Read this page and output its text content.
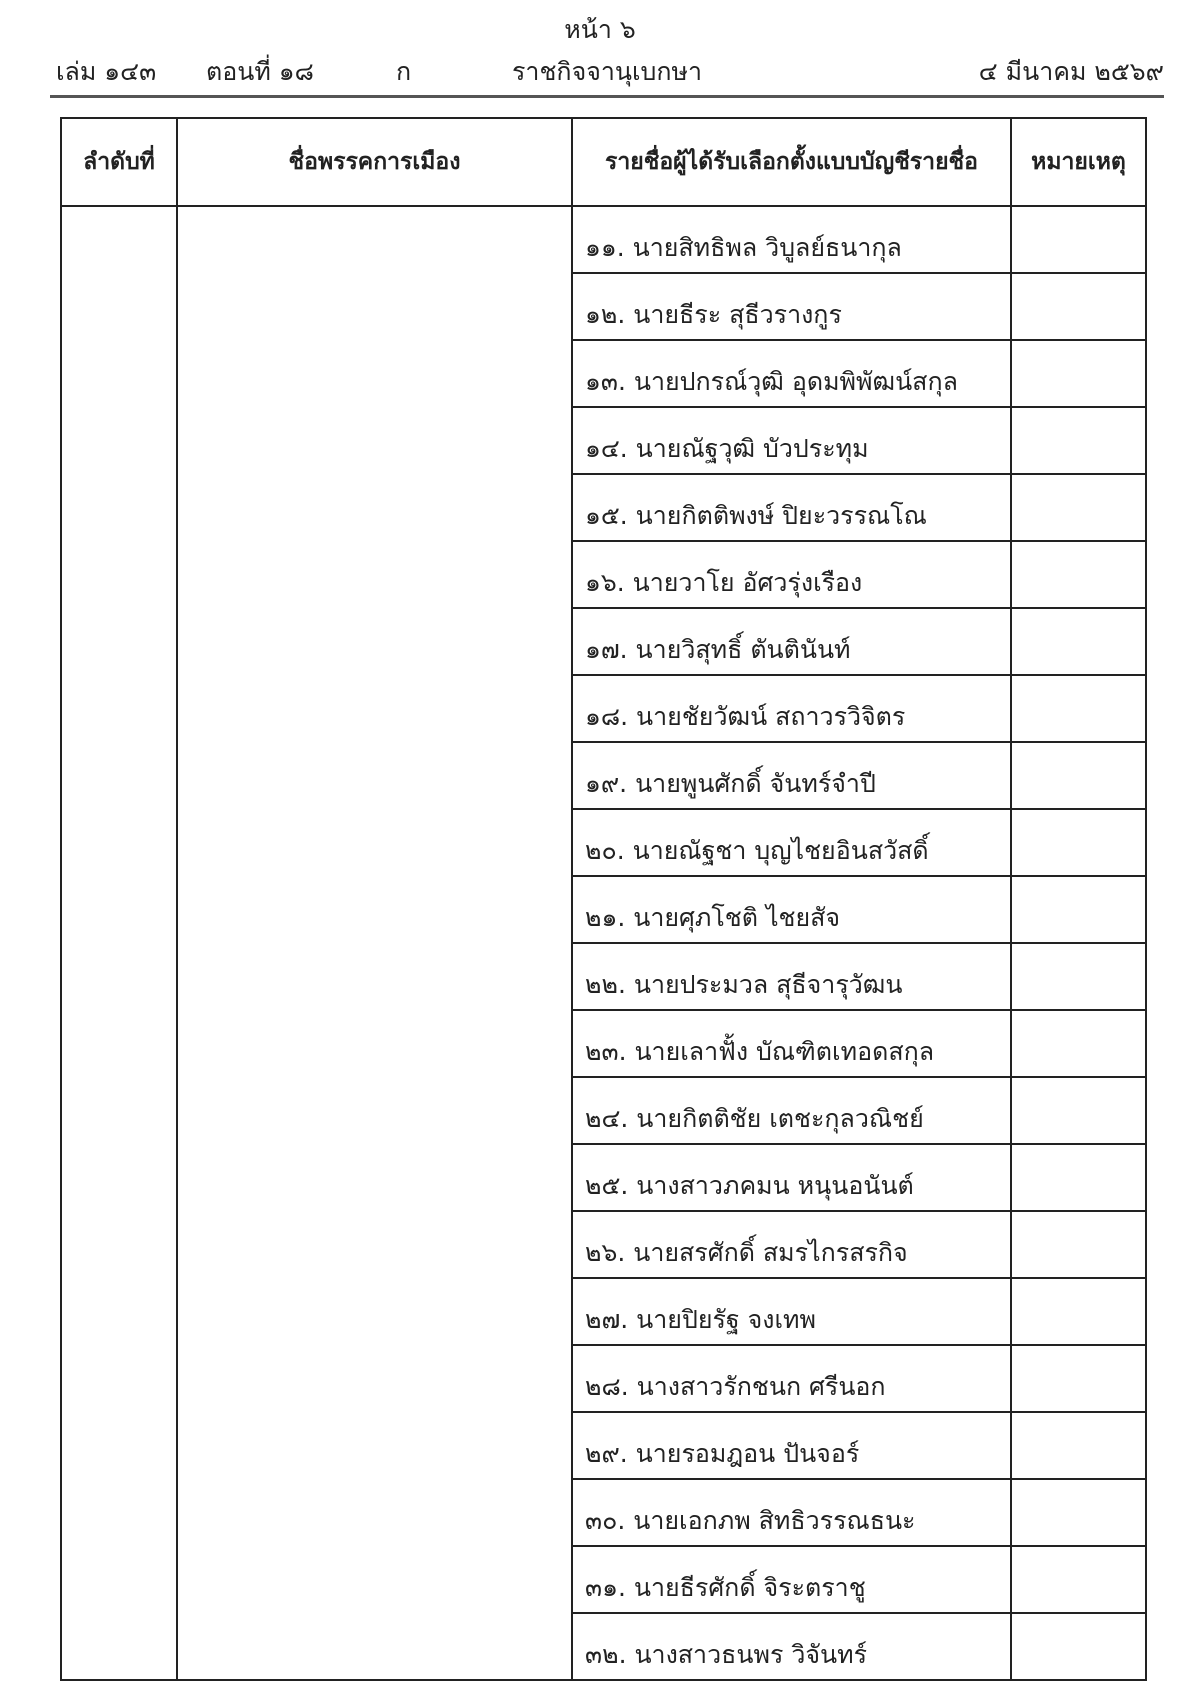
หน้า ๖
เล่ม ๑๔๓ ตอนที่ ๑๘	ก	ราชกิจจานุเบกษา	๔ มีนาคม ๒๕๖๙
ลำดับที่	ชื่อพรรคการเมือง	รายชื่อผู้ได้รับเลือกตั้งแบบบัญชีรายชื่อ	หมายเหตุ
		๑๑. นายสิทธิพล วิบูลย์ธนากุล	
		๑๒. นายธีระ สุธีวรางกูร	
		๑๓. นายปกรณ์วุฒิ อุดมพิพัฒน์สกุล	
		๑๔. นายณัฐวุฒิ บัวประทุม	
		๑๕. นายกิตติพงษ์ ปิยะวรรณโณ	
		๑๖. นายวาโย อัศวรุ่งเรือง	
		๑๗. นายวิสุทธิ์ ตันตินันท์	
		๑๘. นายชัยวัฒน์ สถาวรวิจิตร	
		๑๙. นายพูนศักดิ์ จันทร์จำปี	
		๒๐. นายณัฐชา บุญไชยอินสวัสดิ์	
		๒๑. นายศุภโชติ ไชยสัจ	
		๒๒. นายประมวล สุธีจารุวัฒน	
		๒๓. นายเลาฟั้ง บัณฑิตเทอดสกุล	
		๒๔. นายกิตติชัย เตชะกุลวณิชย์	
		๒๕. นางสาวภคมน หนุนอนันต์	
		๒๖. นายสรศักดิ์ สมรไกรสรกิจ	
		๒๗. นายปิยรัฐ จงเทพ	
		๒๘. นางสาวรักชนก ศรีนอก	
		๒๙. นายรอมฎอน ปันจอร์	
		๓๐. นายเอกภพ สิทธิวรรณธนะ	
		๓๑. นายธีรศักดิ์ จิระตราชู	
		๓๒. นางสาวธนพร วิจันทร์	
